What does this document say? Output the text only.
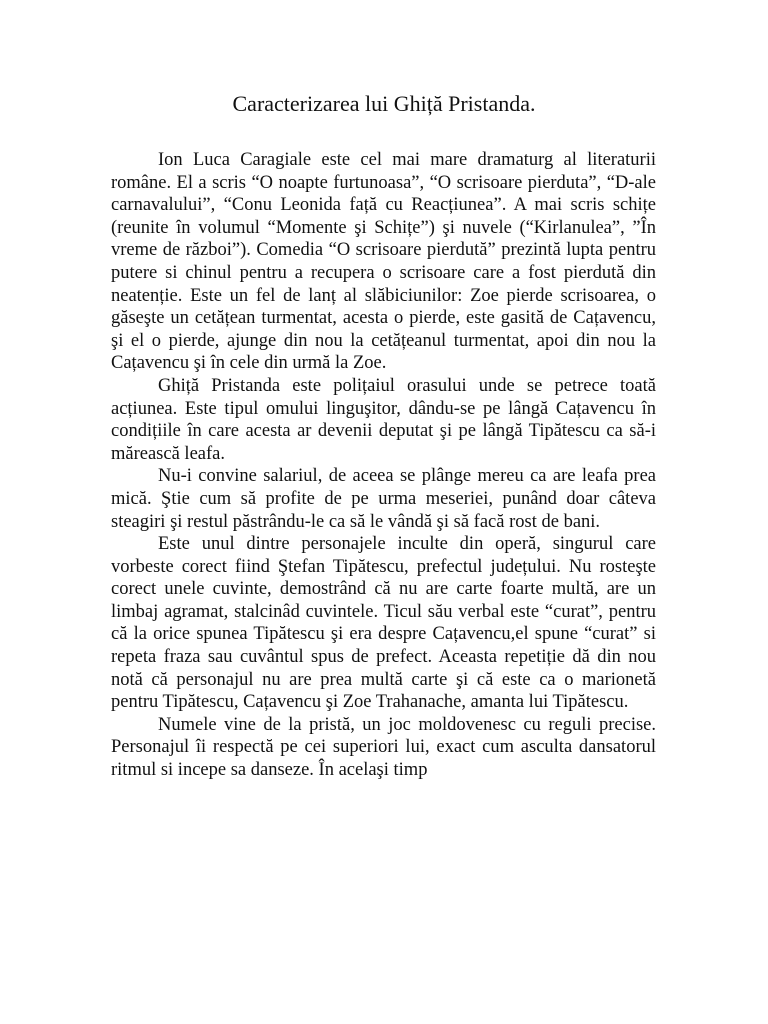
Caracterizarea lui Ghiță Pristanda.

Ion Luca Caragiale este cel mai mare dramaturg al literaturii române. El a scris “O noapte furtunoasa”, “O scrisoare pierduta”, “D-ale carnavalului”, “Conu Leonida față cu Reacțiunea”. A mai scris schițe (reunite în volumul “Momente şi Schițe”) şi nuvele (“Kirlanulea”, ”În vreme de război”). Comedia “O scrisoare pierdută” prezintă lupta pentru putere si chinul pentru a recupera o scrisoare care a fost pierdută din neatenție. Este un fel de lanț al slăbiciunilor: Zoe pierde scrisoarea, o găseşte un cetățean turmentat, acesta o pierde, este gasită de Cațavencu, şi el o pierde, ajunge din nou la cetățeanul turmentat, apoi din nou la Cațavencu şi în cele din urmă la Zoe.

Ghiță Pristanda este polițaiul orasului unde se petrece toată acțiunea. Este tipul omului linguşitor, dându-se pe lângă Cațavencu în condițiile în care acesta ar devenii deputat şi pe lângă Tipătescu ca să-i mărească leafa.

Nu-i convine salariul, de aceea se plânge mereu ca are leafa prea mică. Ştie cum să profite de pe urma meseriei, punând doar câteva steagiri şi restul păstrându-le ca să le vândă şi să facă rost de bani.

Este unul dintre personajele inculte din operă, singurul care vorbeste corect fiind Ştefan Tipătescu, prefectul județului. Nu rosteşte corect unele cuvinte, demostrând că nu are carte foarte multă, are un limbaj agramat, stalcinâd cuvintele. Ticul său verbal este “curat”, pentru că la orice spunea Tipătescu şi era despre Cațavencu,el spune “curat” si repeta fraza sau cuvântul spus de prefect. Aceasta repetiție dă din nou notă că personajul nu are prea multă carte şi că este ca o marionetă pentru Tipătescu, Cațavencu şi Zoe Trahanache, amanta lui Tipătescu.

Numele vine de la pristă, un joc moldovenesc cu reguli precise. Personajul îi respectă pe cei superiori lui, exact cum asculta dansatorul ritmul si incepe sa danseze. În acelaşi timp
